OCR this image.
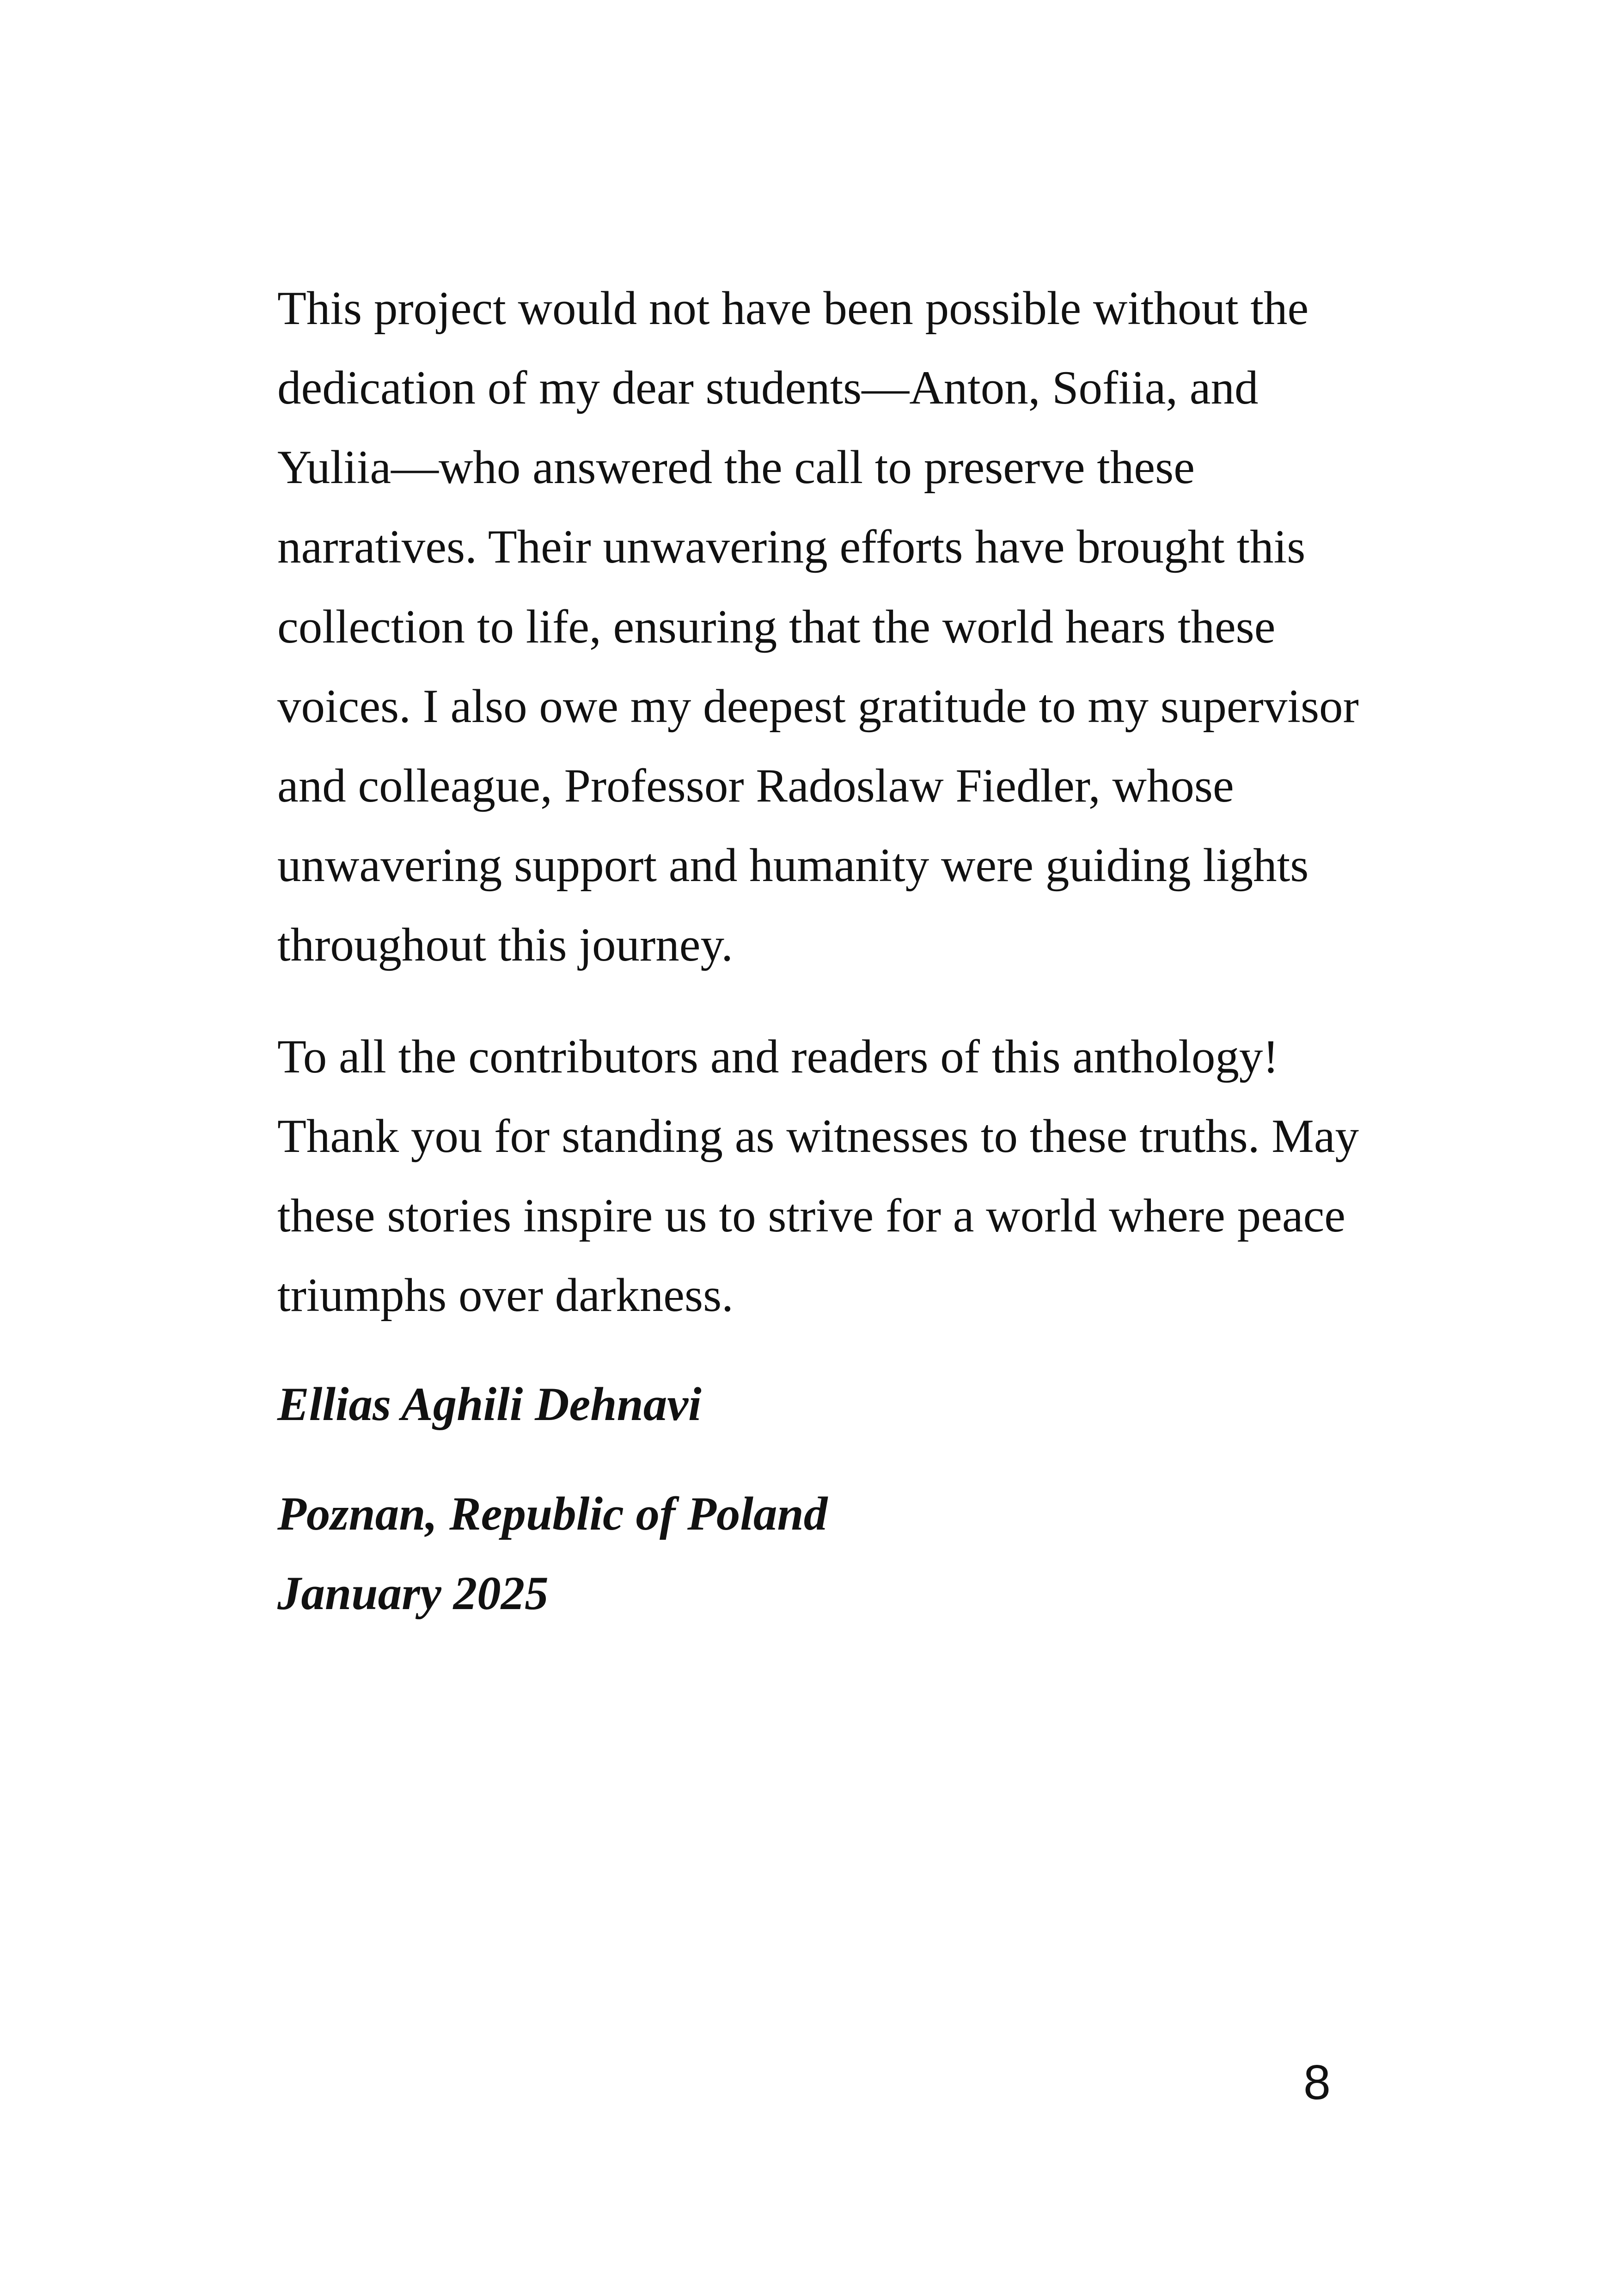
This project would not have been possible without the

dedication of my dear students—Anton, Sofiia, and

Yuliia—who answered the call to preserve these

narratives. Their unwavering efforts have brought this

collection to life, ensuring that the world hears these

voices. I also owe my deepest gratitude to my supervisor

and colleague, Professor Radoslaw Fiedler, whose

unwavering support and humanity were guiding lights

throughout this journey.

To all the contributors and readers of this anthology!

Thank you for standing as witnesses to these truths. May

these stories inspire us to strive for a world where peace

triumphs over darkness.

Ellias Aghili Dehnavi

Poznan, Republic of Poland

January 2025

8
